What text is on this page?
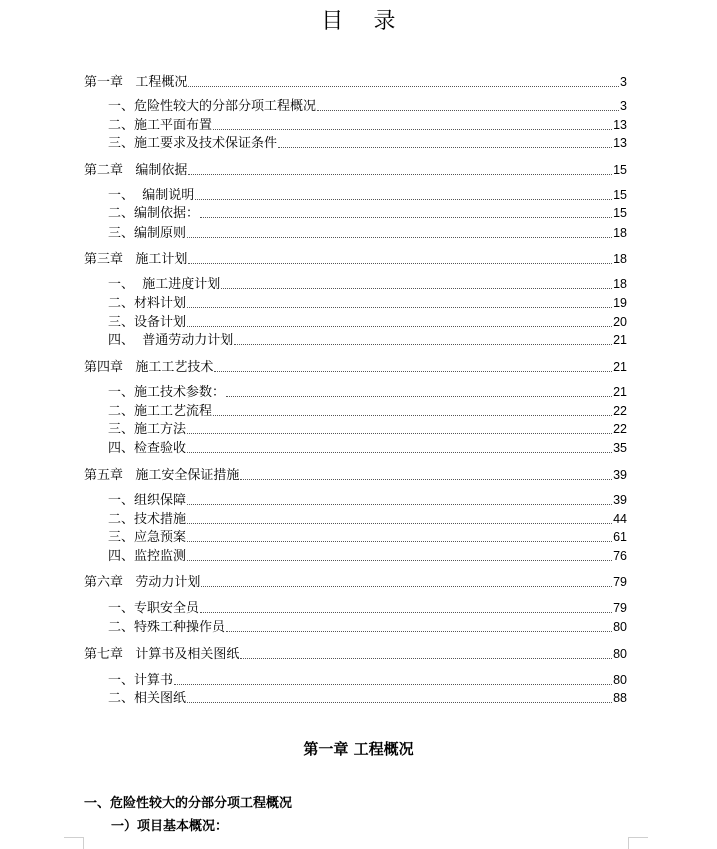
目 录
第一章   工程概况	3
一、危险性较大的分部分项工程概况	3
二、施工平面布置	13
三、施工要求及技术保证条件	13
第二章   编制依据	15
一、  编制说明	15
二、编制依据：	15
三、编制原则	18
第三章   施工计划	18
一、  施工进度计划	18
二、材料计划	19
三、设备计划	20
四、  普通劳动力计划	21
第四章   施工工艺技术	21
一、施工技术参数：	21
二、施工工艺流程	22
三、施工方法	22
四、检查验收	35
第五章   施工安全保证措施	39
一、组织保障	39
二、技术措施	44
三、应急预案	61
四、监控监测	76
第六章   劳动力计划	79
一、专职安全员	79
二、特殊工种操作员	80
第七章   计算书及相关图纸	80
一、计算书	80
二、相关图纸	88
第一章 工程概况
一、危险性较大的分部分项工程概况
一）项目基本概况：
